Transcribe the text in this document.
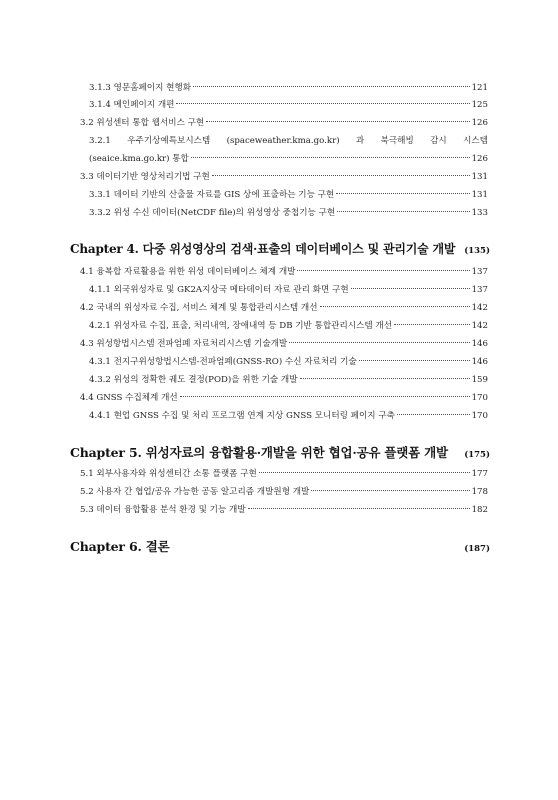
3.1.3 영문홈페이지 현행화	121
3.1.4 메인페이지 개편	125
3.2 위성센터 통합 웹서비스 구현	126
3.2.1 우주기상예특보시스템 (spaceweather.kma.go.kr) 과 북극해빙 감시 시스템
(seaice.kma.go.kr) 통합	126
3.3 데이터기반 영상처리기법 구현	131
3.3.1 데이터 기반의 산출물 자료를 GIS 상에 표출하는 기능 구현	131
3.3.2 위성 수신 데이터(NetCDF file)의 위성영상 중첩기능 구현	133
Chapter 4. 다중 위성영상의 검색·표출의 데이터베이스 및 관리기술 개발 (135)
4.1 융복합 자료활용을 위한 위성 데이터베이스 체계 개발	137
4.1.1 외국위성자료 및 GK2A지상국 메타데이터 자료 관리 화면 구현	137
4.2 국내의 위성자료 수집, 서비스 체계 및 통합관리시스템 개선	142
4.2.1 위성자료 수집, 표출, 처리내역, 장애내역 등 DB 기반 통합관리시스템 개선	142
4.3 위성항법시스템 전파엄폐 자료처리시스템 기술개발	146
4.3.1 전지구위성항법시스템-전파엄폐(GNSS-RO) 수신 자료처리 기술	146
4.3.2 위성의 정확한 궤도 결정(POD)을 위한 기술 개발	159
4.4 GNSS 수집체계 개선	170
4.4.1 현업 GNSS 수집 및 처리 프로그램 연계 지상 GNSS 모니터링 페이지 구축	170
Chapter 5. 위성자료의 융합활용·개발을 위한 협업·공유 플랫폼 개발 (175)
5.1 외부사용자와 위성센터간 소통 플랫폼 구현	177
5.2 사용자 간 협업/공유 가능한 공동 알고리즘 개발원형 개발	178
5.3 데이터 융합활용 분석 환경 및 기능 개발	182
Chapter 6. 결론	(187)
